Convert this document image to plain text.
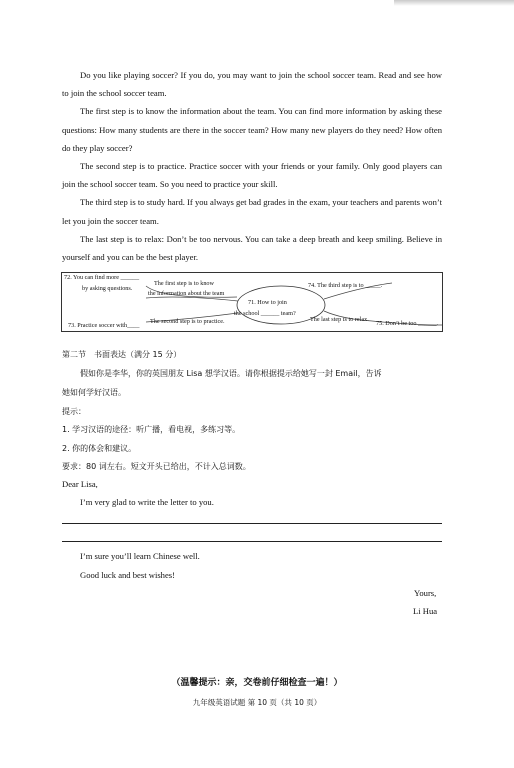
Do you like playing soccer? If you do, you may want to join the school soccer team. Read and see how to join the school soccer team.

The first step is to know the information about the team. You can find more information by asking these questions: How many students are there in the soccer team? How many new players do they need? How often do they play soccer?

The second step is to practice. Practice soccer with your friends or your family. Only good players can join the school soccer team. So you need to practice your skill.

The third step is to study hard. If you always get bad grades in the exam, your teachers and parents won’t let you join the soccer team.

The last step is to relax: Don’t be too nervous. You can take a deep breath and keep smiling. Believe in yourself and you can be the best player.

72. You can find more ______
by asking questions.
The first step is to know
the information about the team
71. How to join
the school ______ team?
74. The third step is to _____.
73. Practice soccer with____
The second step is to practice.	The last step is to relax.
75. Don’t be too ______.
第二节　书面表达（满分 15 分）
假如你是李华，你的英国朋友 Lisa 想学汉语。请你根据提示给她写一封 Email，告诉
她如何学好汉语。
提示：
1. 学习汉语的途径：听广播，看电视，多练习等。
2. 你的体会和建议。
要求：80 词左右。短文开头已给出，不计入总词数。
Dear Lisa,
I’m very glad to write the letter to you.
I’m sure you’ll learn Chinese well.
Good luck and best wishes!
Yours,
Li Hua
（温馨提示：亲，交卷前仔细检查一遍！）
九年级英语试题 第 10 页（共 10 页）
